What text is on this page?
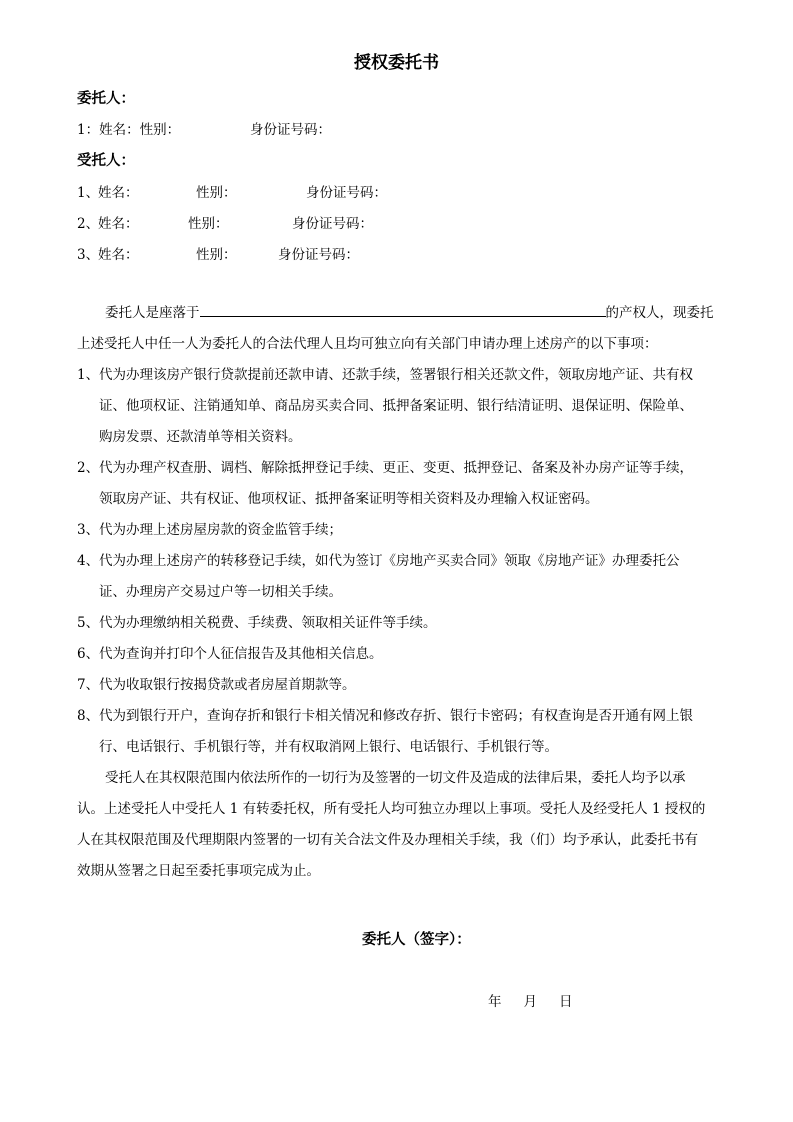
授权委托书
委托人：
1：姓名：性别：	身份证号码：
受托人：
1、
姓名：	性别：	身份证号码：
2、
姓名：	性别：	身份证号码：
3、
姓名：	性别：	身份证号码：
委托人是座落于	的产权人，现委托
上述受托人中任一人为委托人的合法代理人且均可独立向有关部门申请办理上述房产的以下事项：
1、 代为办理该房产银行贷款提前还款申请、还款手续，签署银行相关还款文件，领取房地产证、共有权
证、他项权证、注销通知单、商品房买卖合同、抵押备案证明、银行结清证明、退保证明、保险单、
购房发票、还款清单等相关资料。
2、 代为办理产权查册、调档、解除抵押登记手续、更正、变更、抵押登记、备案及补办房产证等手续，
领取房产证、共有权证、他项权证、抵押备案证明等相关资料及办理输入权证密码。
3、 代为办理上述房屋房款的资金监管手续；
4、 代为办理上述房产的转移登记手续，如代为签订《房地产买卖合同》领取《房地产证》办理委托公
证、办理房产交易过户等一切相关手续。
5、 代为办理缴纳相关税费、手续费、领取相关证件等手续。
6、 代为查询并打印个人征信报告及其他相关信息。
7、 代为收取银行按揭贷款或者房屋首期款等。
8、 代为到银行开户，查询存折和银行卡相关情况和修改存折、银行卡密码；有权查询是否开通有网上银
行、电话银行、手机银行等，并有权取消网上银行、电话银行、手机银行等。
受托人在其权限范围内依法所作的一切行为及签署的一切文件及造成的法律后果，委托人均予以承
认。上述受托人中受托人 1 有转委托权，所有受托人均可独立办理以上事项。受托人及经受托人 1 授权的
人在其权限范围及代理期限内签署的一切有关合法文件及办理相关手续，我（们）均予承认，此委托书有
效期从签署之日起至委托事项完成为止。
委托人（签字）：
年 月 日
